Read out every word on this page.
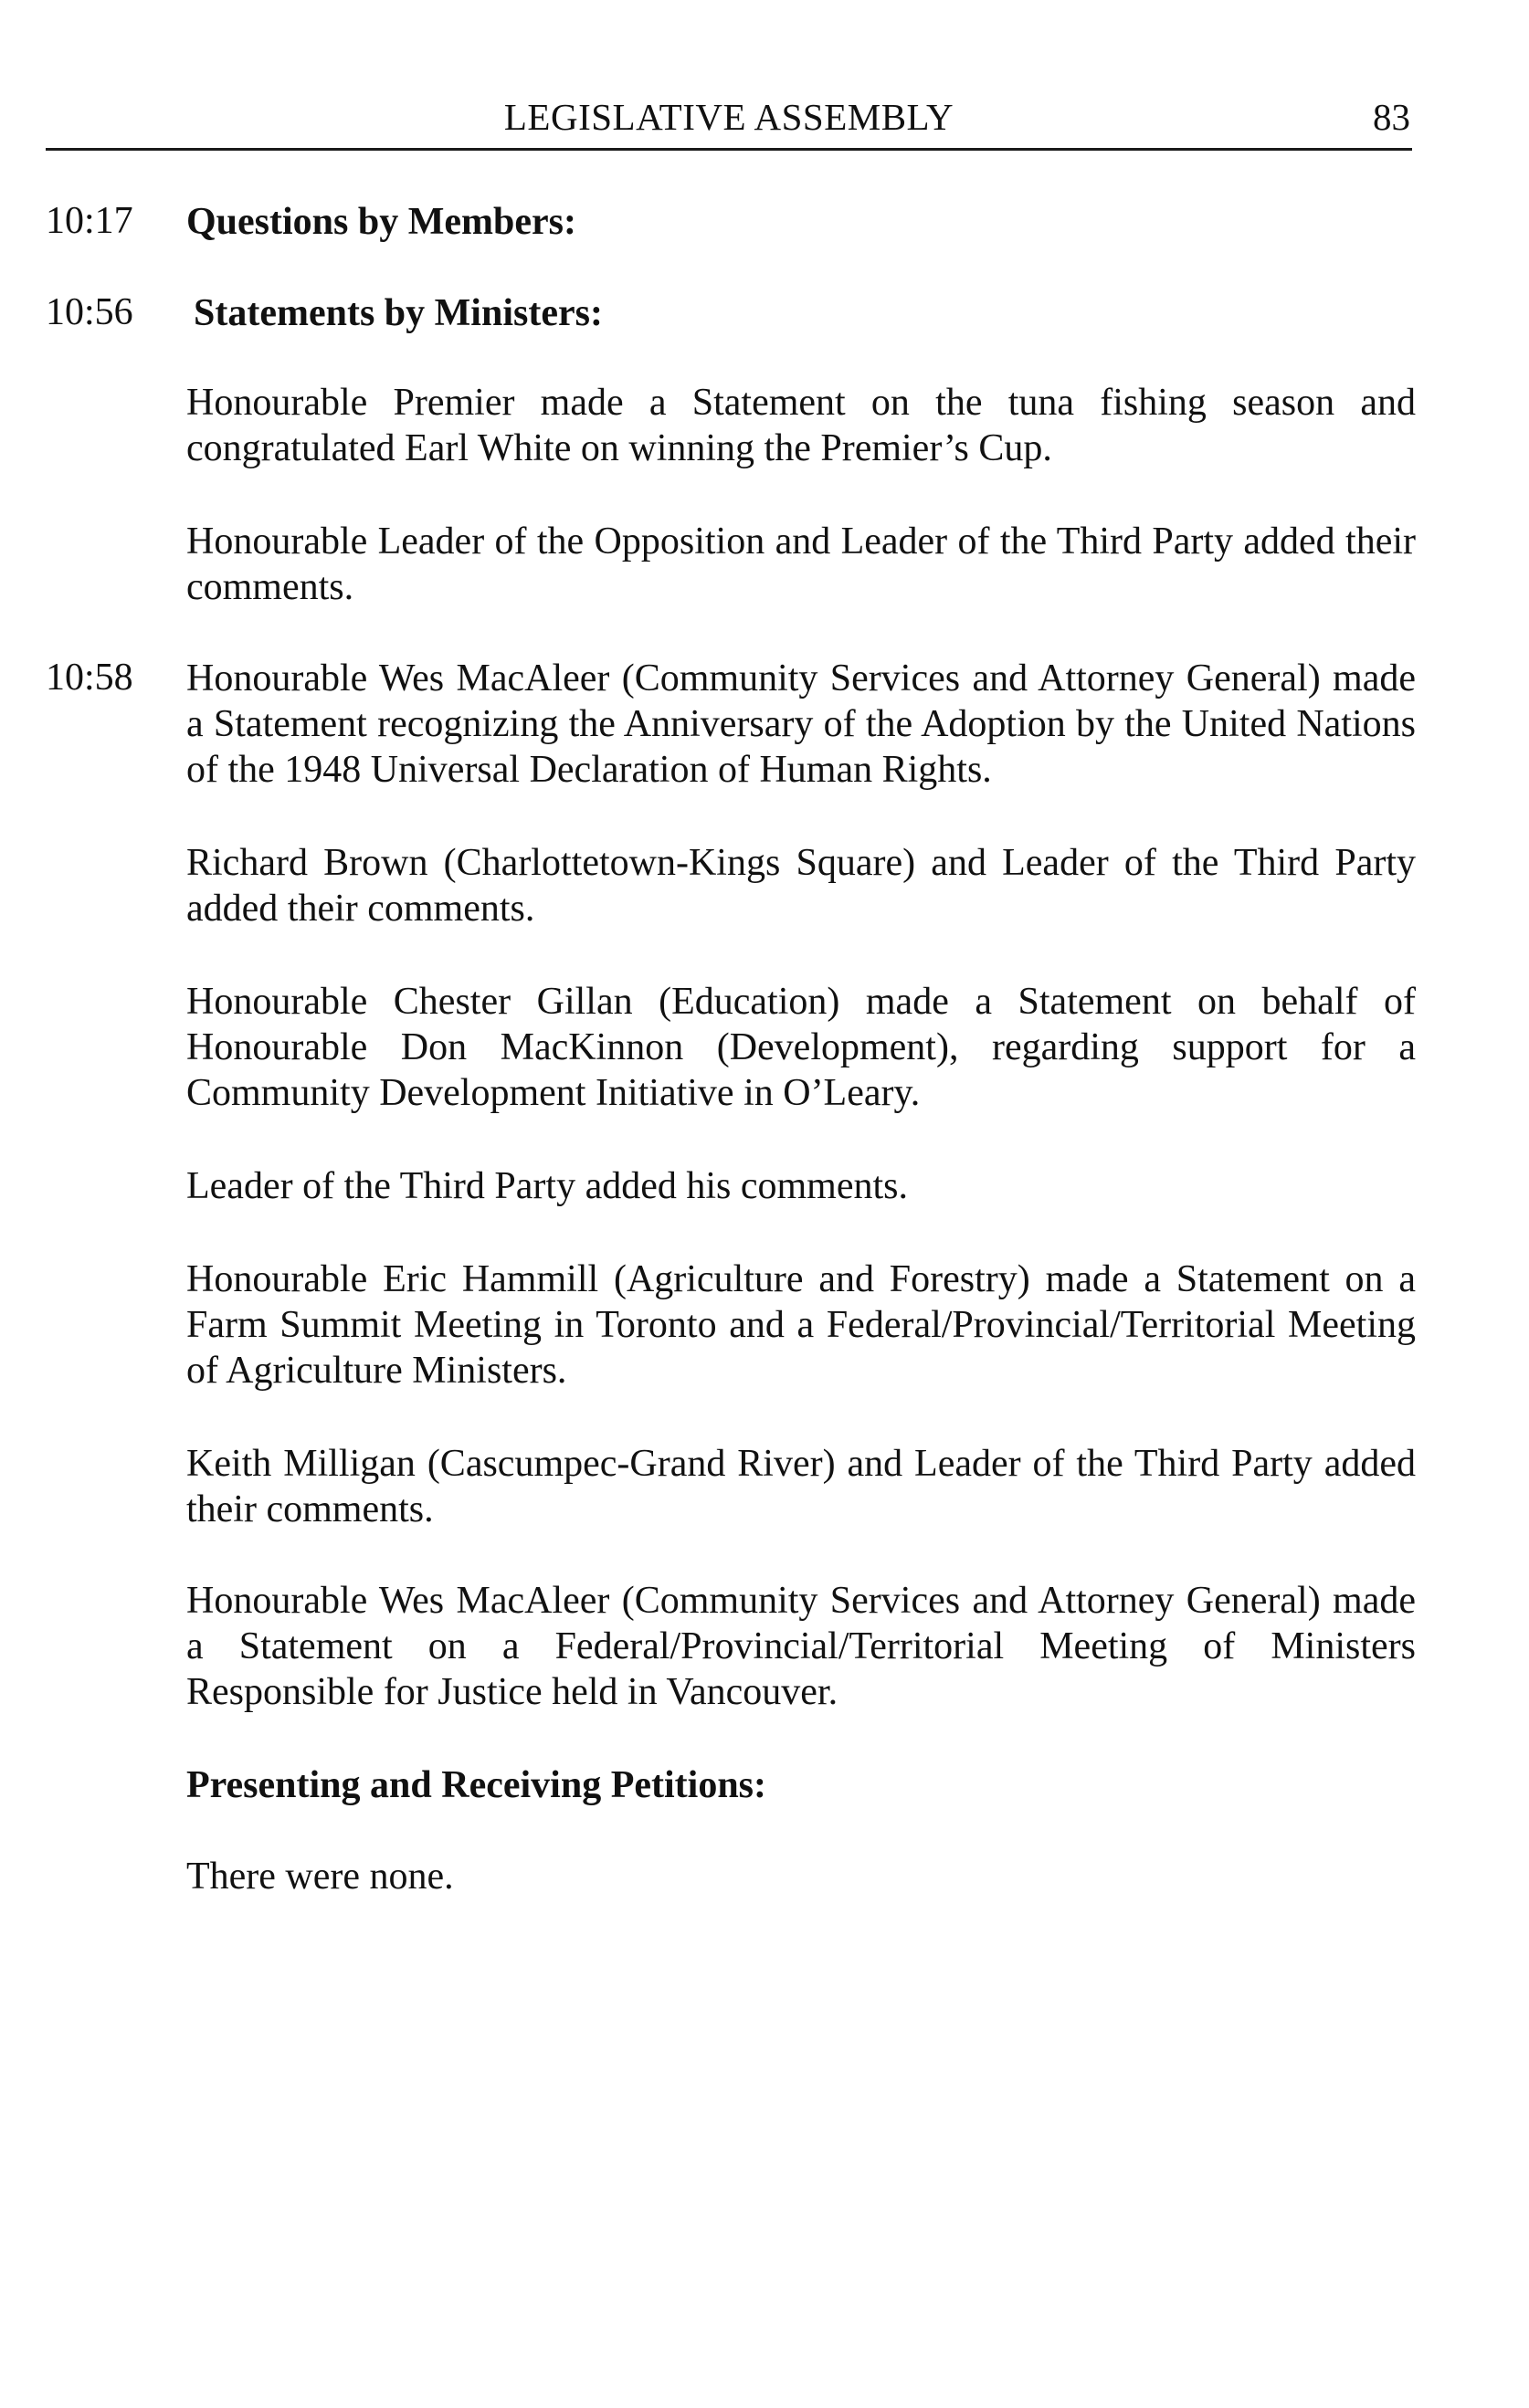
LEGISLATIVE ASSEMBLY	83
10:17 Questions by Members:
10:56 Statements by Ministers:
Honourable Premier made a Statement on the tuna fishing season and congratulated Earl White on winning the Premier’s Cup.
Honourable Leader of the Opposition and Leader of the Third Party added their comments.
10:58 Honourable Wes MacAleer (Community Services and Attorney General) made a Statement recognizing the Anniversary of the Adoption by the United Nations of the 1948 Universal Declaration of Human Rights.
Richard Brown (Charlottetown-Kings Square) and Leader of the Third Party added their comments.
Honourable Chester Gillan (Education) made a Statement on behalf of Honourable Don MacKinnon (Development), regarding support for a Community Development Initiative in O’Leary.
Leader of the Third Party added his comments.
Honourable Eric Hammill (Agriculture and Forestry) made a Statement on a Farm Summit Meeting in Toronto and a Federal/Provincial/Territorial Meeting of Agriculture Ministers.
Keith Milligan (Cascumpec-Grand River) and Leader of the Third Party added their comments.
Honourable Wes MacAleer (Community Services and Attorney General) made a Statement on a Federal/Provincial/Territorial Meeting of Ministers Responsible for Justice held in Vancouver.
Presenting and Receiving Petitions:
There were none.
